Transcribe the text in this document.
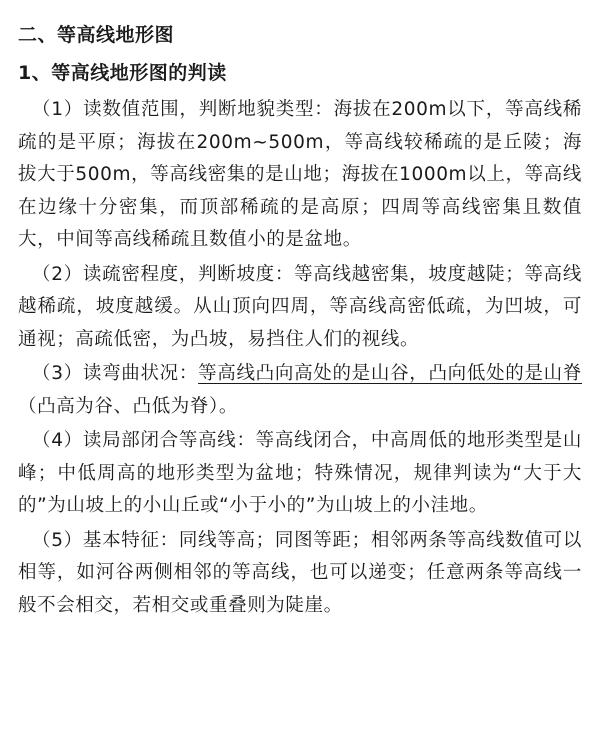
二、等高线地形图
1、等高线地形图的判读

（1）读数值范围，判断地貌类型：海拔在200m以下，等高线稀疏的是平原；海拔在200m~500m，等高线较稀疏的是丘陵；海拔大于500m，等高线密集的是山地；海拔在1000m以上，等高线在边缘十分密集，而顶部稀疏的是高原；四周等高线密集且数值大，中间等高线稀疏且数值小的是盆地。

（2）读疏密程度，判断坡度：等高线越密集，坡度越陡；等高线越稀疏，坡度越缓。从山顶向四周，等高线高密低疏，为凹坡，可通视；高疏低密，为凸坡，易挡住人们的视线。

（3）读弯曲状况：等高线凸向高处的是山谷，凸向低处的是山脊（凸高为谷、凸低为脊）。

（4）读局部闭合等高线：等高线闭合，中高周低的地形类型是山峰；中低周高的地形类型为盆地；特殊情况，规律判读为“大于大的”为山坡上的小山丘或“小于小的”为山坡上的小洼地。

（5）基本特征：同线等高；同图等距；相邻两条等高线数值可以相等，如河谷两侧相邻的等高线，也可以递变；任意两条等高线一般不会相交，若相交或重叠则为陡崖。
